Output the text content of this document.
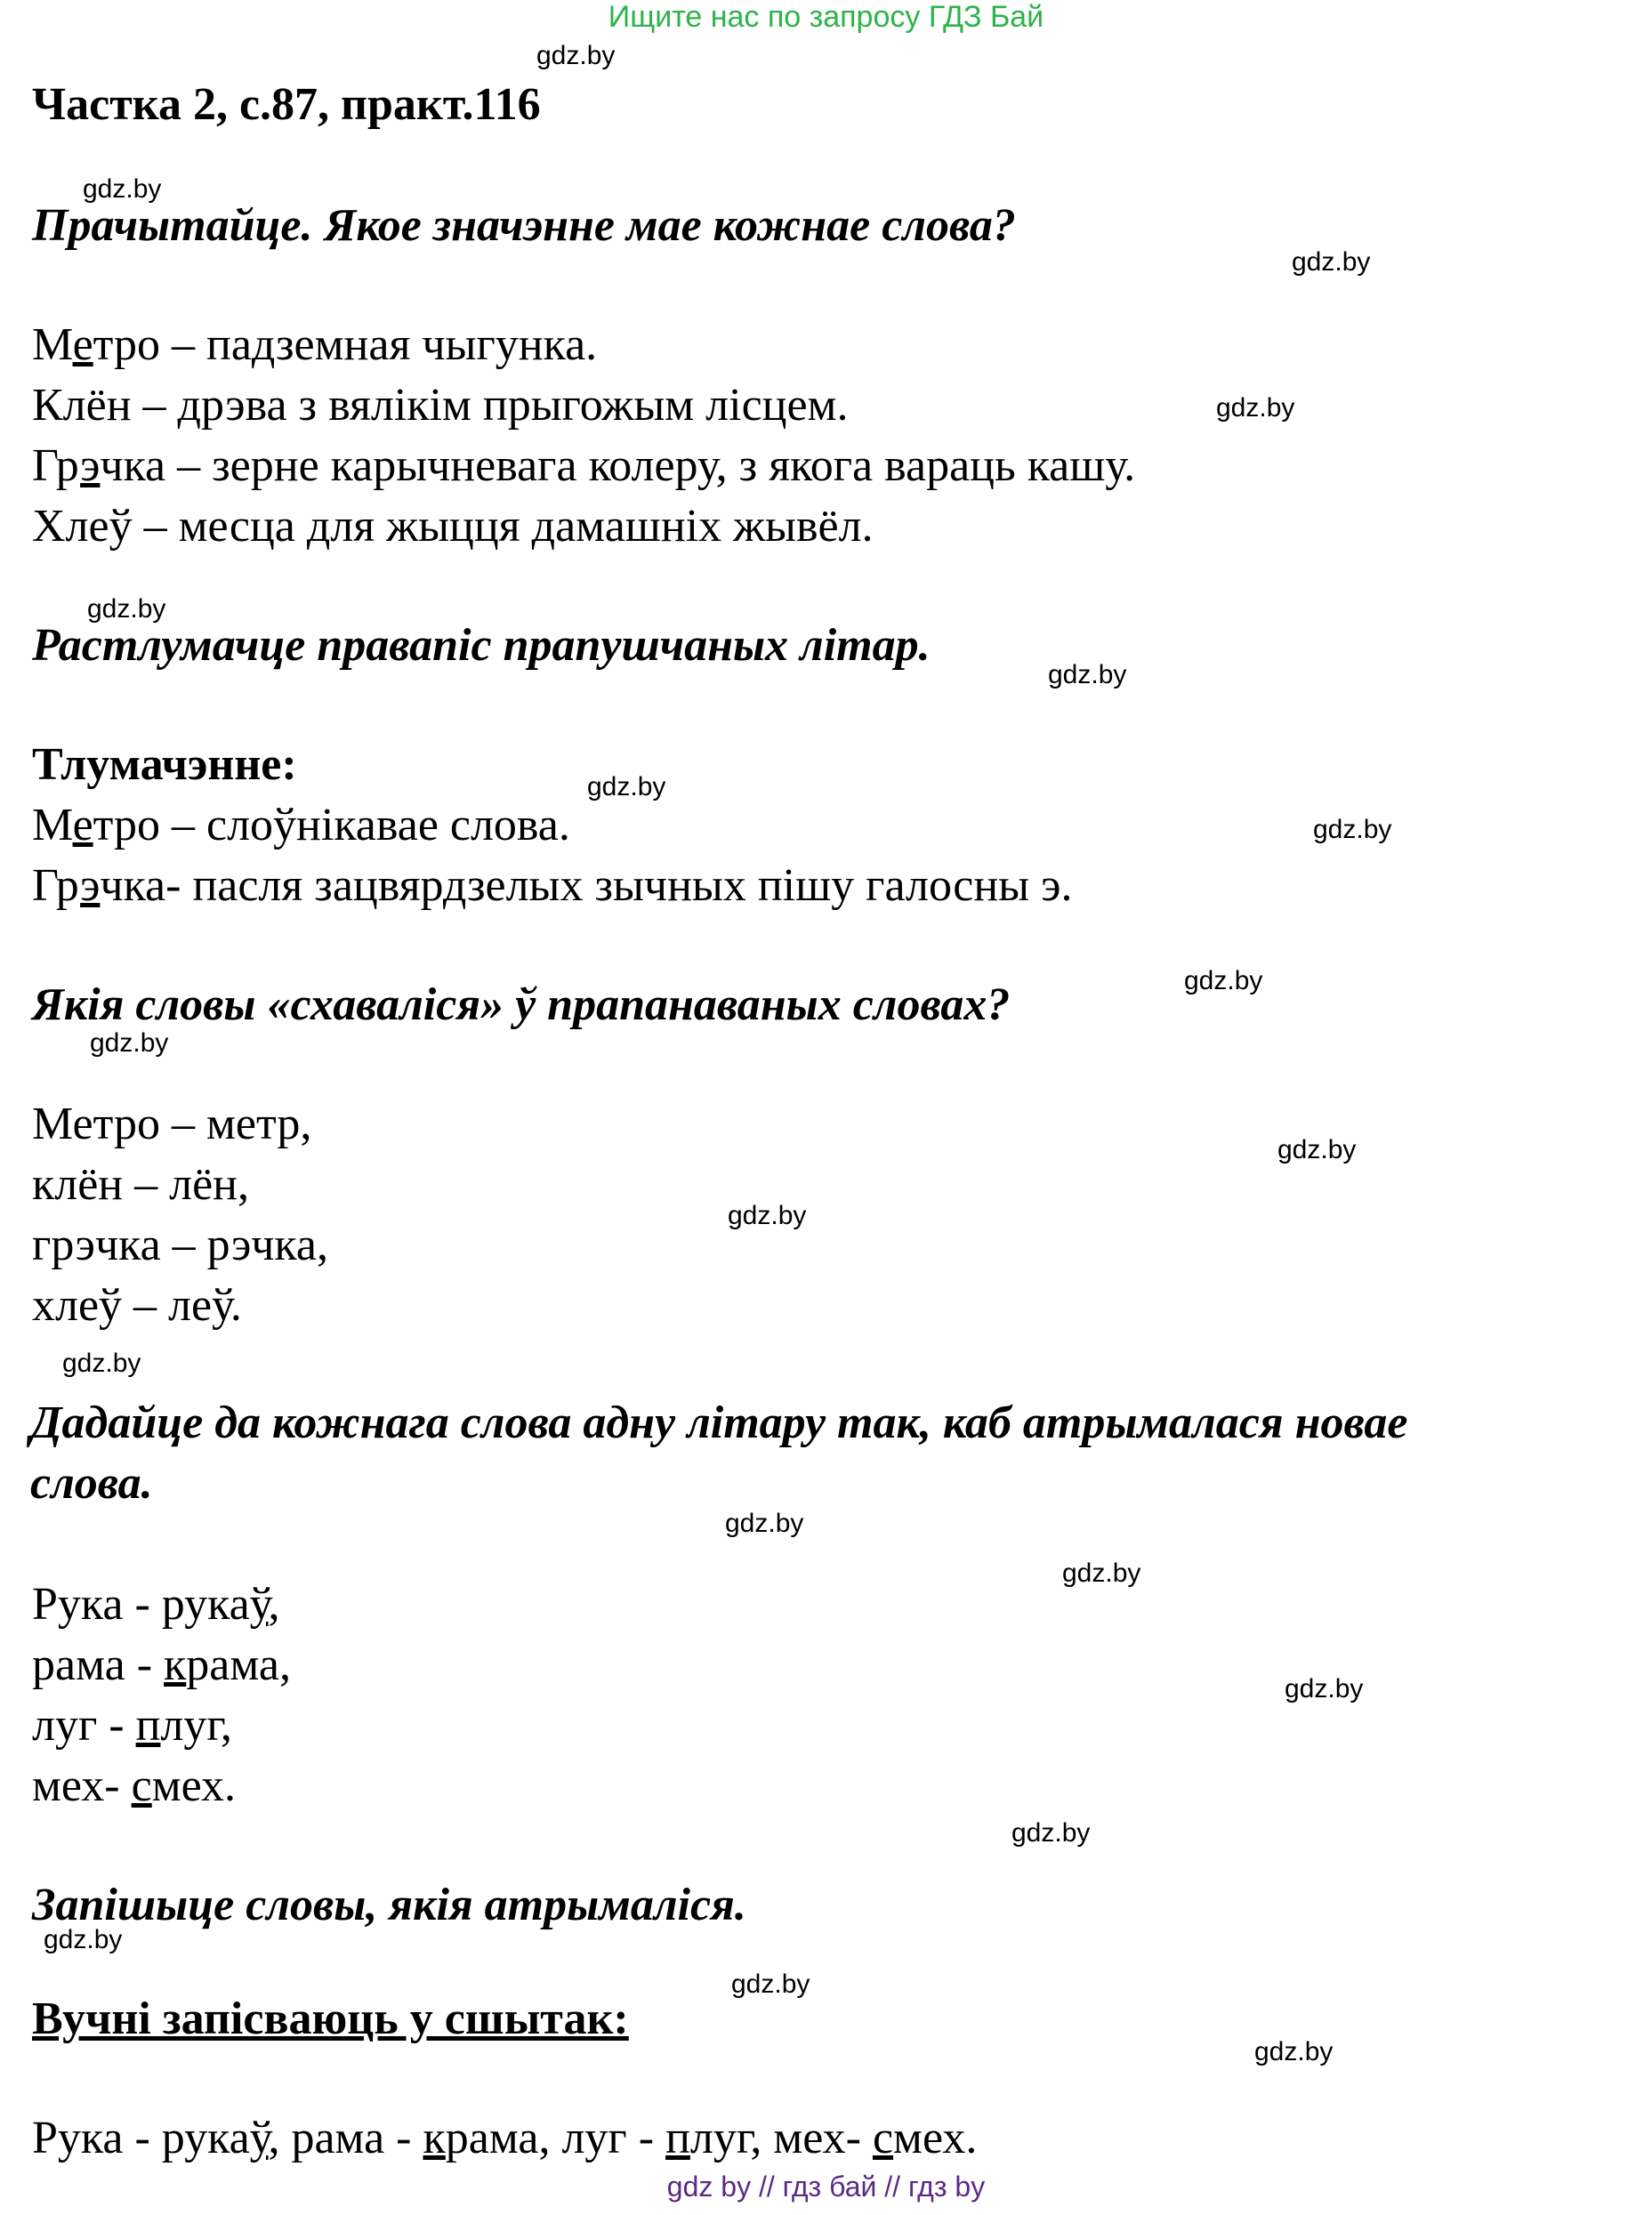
Ищите нас по запросу ГДЗ Бай
gdz.by
gdz.by
gdz.by
gdz.by
gdz.by
gdz.by
gdz.by
gdz.by
gdz.by
gdz.by
gdz.by
gdz.by
gdz.by
gdz.by
gdz.by
gdz.by
gdz.by
gdz.by
gdz.by
gdz.by
Частка 2, с.87, практ.116
Прачытайце. Якое значэнне мае кожнае слова?
Метро – падземная чыгунка.
Клён – дрэва з вялікім прыгожым лісцем.
Грэчка – зерне карычневага колеру, з якога вараць кашу.
Хлеў – месца для жыцця дамашніх жывёл.
Растлумачце правапіс прапушчаных літар.
Тлумачэнне:
Метро – слоўнікавае слова.
Грэчка- пасля зацвярдзелых зычных пішу галосны э.
Якія словы «схаваліся» ў прапанаваных словах?
Метро – метр,
клён – лён,
грэчка – рэчка,
хлеў – леў.
Дадайце да кожнага слова адну літару так, каб атрымалася новае
слова.
Рука - рукаў,
рама - крама,
луг - плуг,
мех- смех.
Запішыце словы, якія атрымаліся.
Вучні запісваюць у сшытак:
Рука - рукаў, рама - крама, луг - плуг, мех- смех.
gdz by // гдз бай // гдз by
